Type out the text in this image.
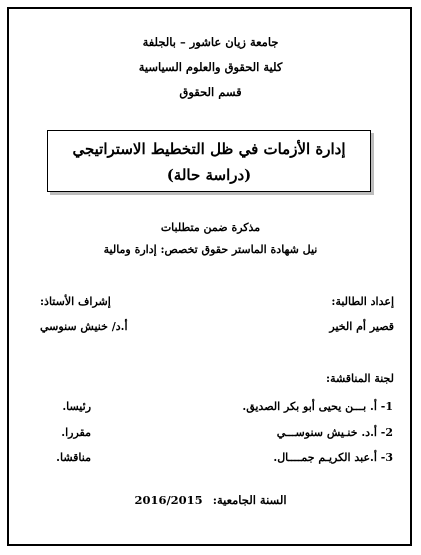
جامعة زيان عاشور – بالجلفة
كلية الحقوق والعلوم السياسية
قسم الحقوق
إدارة الأزمات في ظل التخطيط الاستراتيجي
(دراسة حالة)
مذكرة ضمن متطلبات
نيل شهادة الماستر حقوق تخصص: إدارة ومالية
إعداد الطالبة:
قصير أم الخير
إشراف الأستاذ:
أ.د/ خنيش سنوسي
لجنة المناقشة:
1- أ. بـــن يحيى أبو بكر الصديق.
رئيسا.
2- أ.د. خنـيش سنوســـي
مقررا.
3- أ.عبد الكريـم جمــــال.
مناقشا.
السنة الجامعية: 2016/2015
